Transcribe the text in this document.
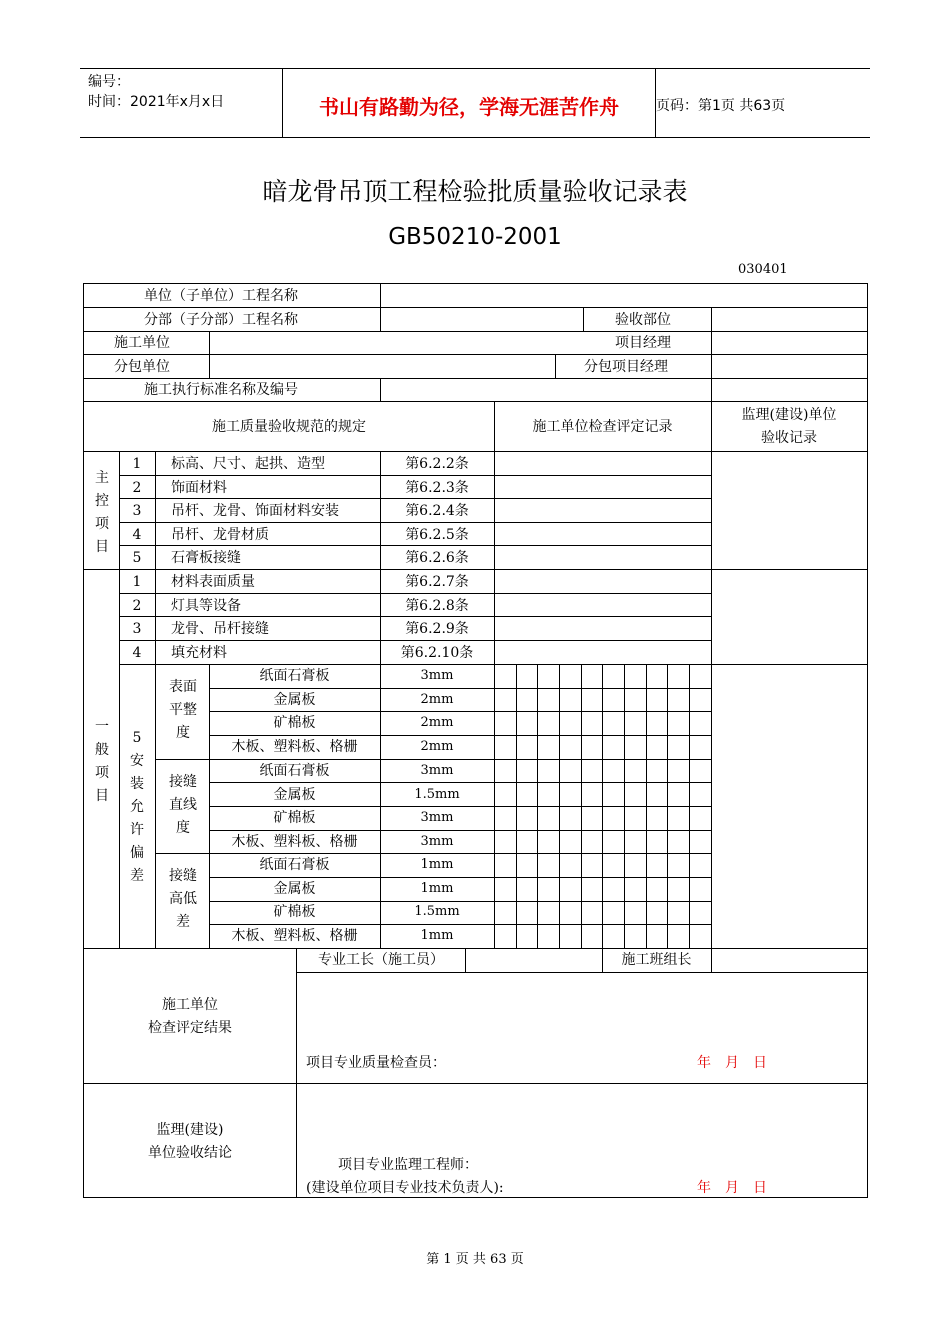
编号：
时间：2021年x月x日	书山有路勤为径，学海无涯苦作舟	页码：第1页 共63页
暗龙骨吊顶工程检验批质量验收记录表
GB50210-2001
030401
单位（子单位）工程名称
分部（子分部）工程名称	验收部位
施工单位	项目经理
分包单位	分包项目经理
施工执行标准名称及编号
施工质量验收规范的规定	施工单位检查评定记录
监理(建设)单位
验收记录
主控项目
1	标高、尺寸、起拱、造型	第6.2.2条
2	饰面材料	第6.2.3条
3	吊杆、龙骨、饰面材料安装	第6.2.4条
4	吊杆、龙骨材质	第6.2.5条
5	石膏板接缝	第6.2.6条
一般项目
1	材料表面质量	第6.2.7条
2	灯具等设备	第6.2.8条
3	龙骨、吊杆接缝	第6.2.9条
4	填充材料	第6.2.10条
5安装允许偏差
表面平整度
纸面石膏板	3mm
金属板	2mm
矿棉板	2mm
木板、塑料板、格栅	2mm
接缝直线度
纸面石膏板	3mm
金属板	1.5mm
矿棉板	3mm
木板、塑料板、格栅	3mm
接缝高低差
纸面石膏板	1mm
金属板	1mm
矿棉板	1.5mm
木板、塑料板、格栅	1mm
专业工长（施工员）	施工班组长
施工单位
检查评定结果
项目专业质量检查员：	年　月　日
监理(建设)
单位验收结论
项目专业监理工程师：
(建设单位项目专业技术负责人):	年　月　日
第 1 页 共 63 页
